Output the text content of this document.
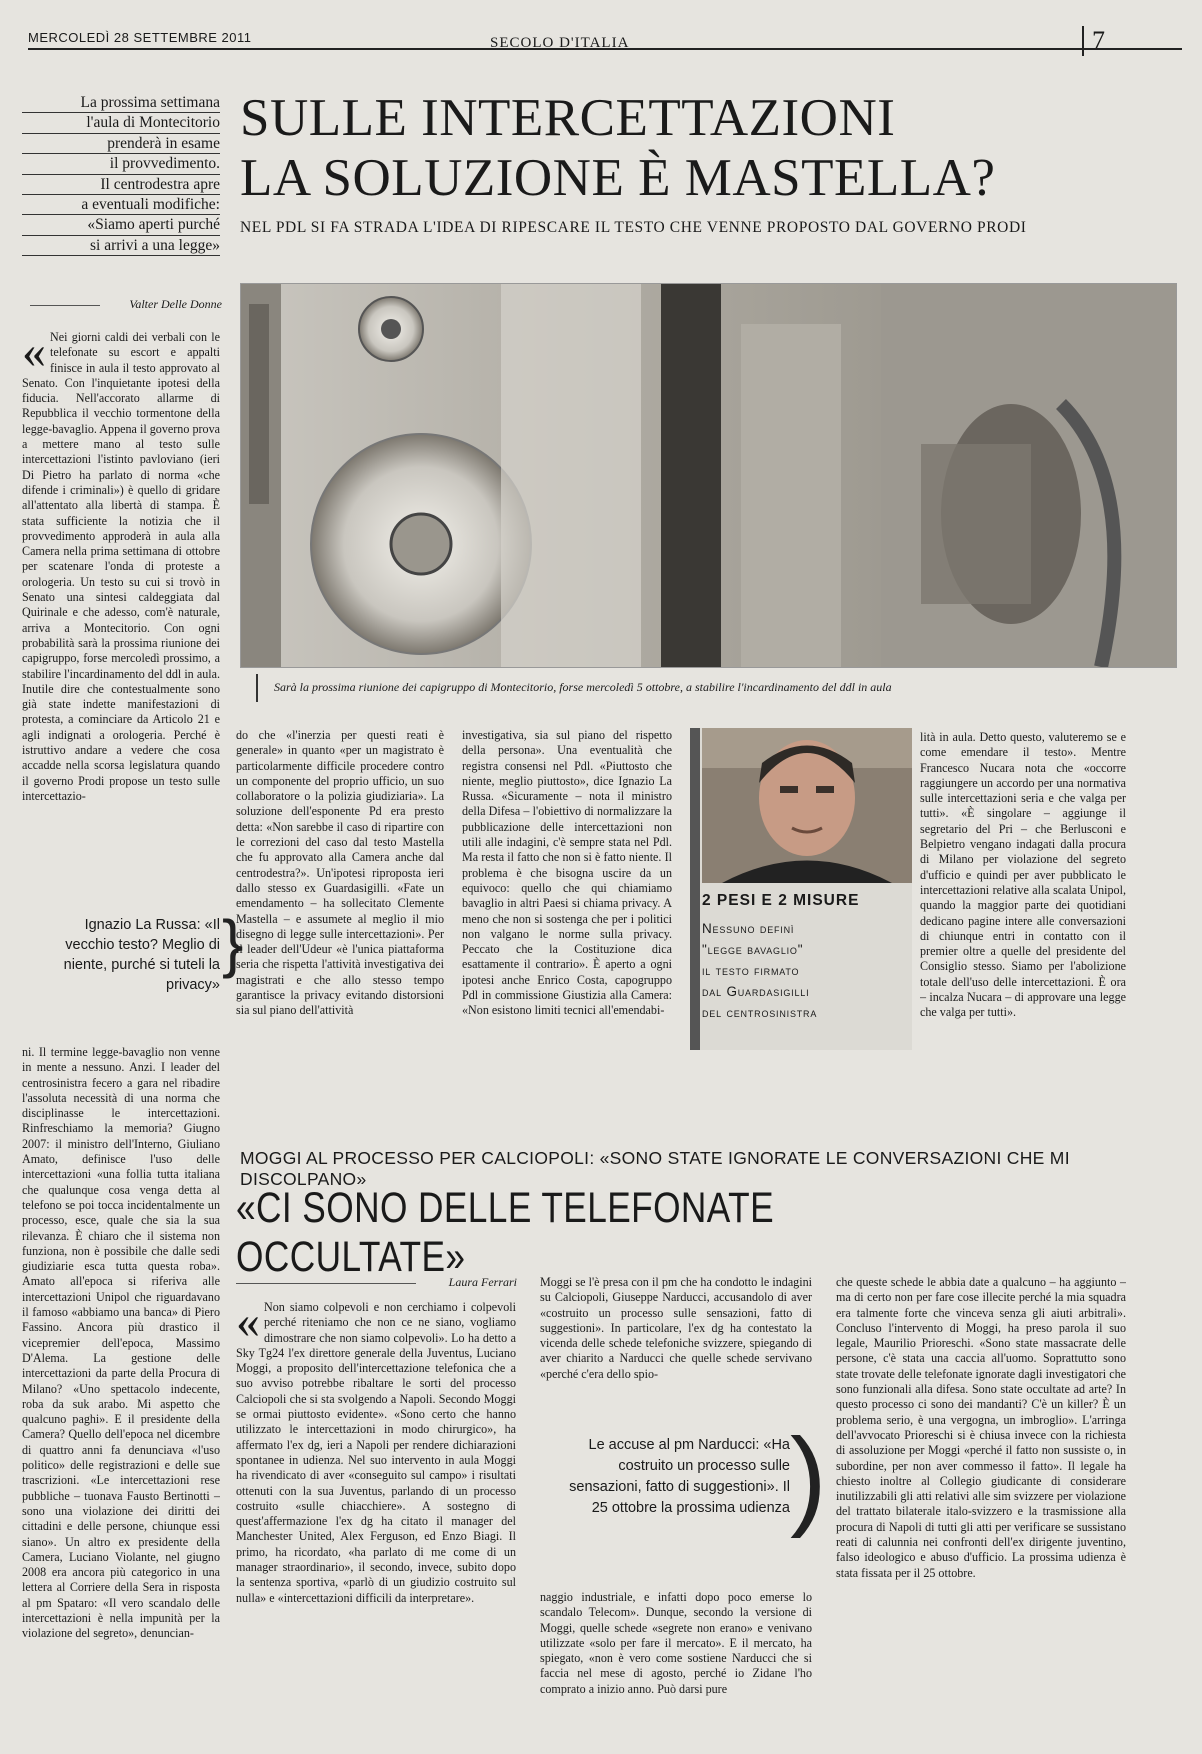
MERCOLEDÌ 28 SETTEMBRE 2011	SECOLO D'ITALIA	7
La prossima settimana
l'aula di Montecitorio
prenderà in esame
il provvedimento.
Il centrodestra apre
a eventuali modifiche:
«Siamo aperti purché
si arrivi a una legge»
SULLE INTERCETTAZIONI
LA SOLUZIONE È MASTELLA?
NEL PDL SI FA STRADA L'IDEA DI RIPESCARE IL TESTO CHE VENNE PROPOSTO DAL GOVERNO PRODI
Valter Delle Donne
Sarà la prossima riunione dei capigruppo di Montecitorio, forse mercoledì 5 ottobre, a stabilire l'incardinamento del ddl in aula
« Nei giorni caldi dei verbali con le telefonate su escort e appalti finisce in aula il testo approvato al Senato. Con l'inquietante ipotesi della fiducia. Nell'accorato allarme di Repubblica il vecchio tormentone della legge-bavaglio. Appena il governo prova a mettere mano al testo sulle intercettazioni l'istinto pavloviano (ieri Di Pietro ha parlato di norma «che difende i criminali») è quello di gridare all'attentato alla libertà di stampa. È stata sufficiente la notizia che il provvedimento approderà in aula alla Camera nella prima settimana di ottobre per scatenare l'onda di proteste a orologeria. Un testo su cui si trovò in Senato una sintesi caldeggiata dal Quirinale e che adesso, com'è naturale, arriva a Montecitorio. Con ogni probabilità sarà la prossima riunione dei capigruppo, forse mercoledì prossimo, a stabilire l'incardinamento del ddl in aula. Inutile dire che contestualmente sono già state indette manifestazioni di protesta, a cominciare da Articolo 21 e agli indignati a orologeria. Perché è istruttivo andare a vedere che cosa accadde nella scorsa legislatura quando il governo Prodi propose un testo sulle intercettazio-
Ignazio La Russa: «Il vecchio testo? Meglio di niente, purché si tuteli la privacy»
}
ni. Il termine legge-bavaglio non venne in mente a nessuno. Anzi. I leader del centrosinistra fecero a gara nel ribadire l'assoluta necessità di una norma che disciplinasse le intercettazioni. Rinfreschiamo la memoria? Giugno 2007: il ministro dell'Interno, Giuliano Amato, definisce l'uso delle intercettazioni «una follia tutta italiana che qualunque cosa venga detta al telefono se poi tocca incidentalmente un processo, esce, quale che sia la sua rilevanza. È chiaro che il sistema non funziona, non è possibile che dalle sedi giudiziarie esca tutta questa roba». Amato all'epoca si riferiva alle intercettazioni Unipol che riguardavano il famoso «abbiamo una banca» di Piero Fassino. Ancora più drastico il vicepremier dell'epoca, Massimo D'Alema. La gestione delle intercettazioni da parte della Procura di Milano? «Uno spettacolo indecente, roba da suk arabo. Mi aspetto che qualcuno paghi». E il presidente della Camera? Quello dell'epoca nel dicembre di quattro anni fa denunciava «l'uso politico» delle registrazioni e delle sue trascrizioni. «Le intercettazioni rese pubbliche – tuonava Fausto Bertinotti – sono una violazione dei diritti dei cittadini e delle persone, chiunque essi siano». Un altro ex presidente della Camera, Luciano Violante, nel giugno 2008 era ancora più categorico in una lettera al Corriere della Sera in risposta al pm Spataro: «Il vero scandalo delle intercettazioni è nella impunità per la violazione del segreto», denuncian-
do che «l'inerzia per questi reati è generale» in quanto «per un magistrato è particolarmente difficile procedere contro un componente del proprio ufficio, un suo collaboratore o la polizia giudiziaria». La soluzione dell'esponente Pd era presto detta: «Non sarebbe il caso di ripartire con le correzioni del caso dal testo Mastella che fu approvato alla Camera anche dal centrodestra?». Un'ipotesi riproposta ieri dallo stesso ex Guardasigilli. «Fate un emendamento – ha sollecitato Clemente Mastella – e assumete al meglio il mio disegno di legge sulle intercettazioni». Per il leader dell'Udeur «è l'unica piattaforma seria che rispetta l'attività investigativa dei magistrati e che allo stesso tempo garantisce la privacy evitando distorsioni sia sul piano dell'attività
investigativa, sia sul piano del rispetto della persona». Una eventualità che registra consensi nel Pdl. «Piuttosto che niente, meglio piuttosto», dice Ignazio La Russa. «Sicuramente – nota il ministro della Difesa – l'obiettivo di normalizzare la pubblicazione delle intercettazioni non utili alle indagini, c'è sempre stata nel Pdl. Ma resta il fatto che non si è fatto niente. Il problema è che bisogna uscire da un equivoco: quello che qui chiamiamo bavaglio in altri Paesi si chiama privacy. A meno che non si sostenga che per i politici non valgano le norme sulla privacy. Peccato che la Costituzione dica esattamente il contrario». È aperto a ogni ipotesi anche Enrico Costa, capogruppo Pdl in commissione Giustizia alla Camera: «Non esistono limiti tecnici all'emendabi-
2 PESI E 2 MISURE
Nessuno definì
"legge bavaglio"
il testo firmato
dal Guardasigilli
del centrosinistra
lità in aula. Detto questo, valuteremo se e come emendare il testo». Mentre Francesco Nucara nota che «occorre raggiungere un accordo per una normativa sulle intercettazioni seria e che valga per tutti». «È singolare – aggiunge il segretario del Pri – che Berlusconi e Belpietro vengano indagati dalla procura di Milano per violazione del segreto d'ufficio e quindi per aver pubblicato le intercettazioni relative alla scalata Unipol, quando la maggior parte dei quotidiani dedicano pagine intere alle conversazioni di chiunque entri in contatto con il premier oltre a quelle del presidente del Consiglio stesso. Siamo per l'abolizione totale dell'uso delle intercettazioni. È ora – incalza Nucara – di approvare una legge che valga per tutti».
MOGGI AL PROCESSO PER CALCIOPOLI: «SONO STATE IGNORATE LE CONVERSAZIONI CHE MI DISCOLPANO»
«CI SONO DELLE TELEFONATE OCCULTATE»
Laura Ferrari
« Non siamo colpevoli e non cerchiamo i colpevoli perché riteniamo che non ce ne siano, vogliamo dimostrare che non siamo colpevoli». Lo ha detto a Sky Tg24 l'ex direttore generale della Juventus, Luciano Moggi, a proposito dell'intercettazione telefonica che a suo avviso potrebbe ribaltare le sorti del processo Calciopoli che si sta svolgendo a Napoli. Secondo Moggi se ormai piuttosto evidente». «Sono certo che hanno utilizzato le intercettazioni in modo chirurgico», ha affermato l'ex dg, ieri a Napoli per rendere dichiarazioni spontanee in udienza. Nel suo intervento in aula Moggi ha rivendicato di aver «conseguito sul campo» i risultati ottenuti con la sua Juventus, parlando di un processo costruito «sulle chiacchiere». A sostegno di quest'affermazione l'ex dg ha citato il manager del Manchester United, Alex Ferguson, ed Enzo Biagi. Il primo, ha ricordato, «ha parlato di me come di un manager straordinario», il secondo, invece, subito dopo la sentenza sportiva, «parlò di un giudizio costruito sul nulla» e «intercettazioni difficili da interpretare».
Moggi se l'è presa con il pm che ha condotto le indagini su Calciopoli, Giuseppe Narducci, accusandolo di aver «costruito un processo sulle sensazioni, fatto di suggestioni». In particolare, l'ex dg ha contestato la vicenda delle schede telefoniche svizzere, spiegando di aver chiarito a Narducci che quelle schede servivano «perché c'era dello spio-
Le accuse al pm Narducci: «Ha costruito un processo sulle sensazioni, fatto di suggestioni». Il 25 ottobre la prossima udienza )
naggio industriale, e infatti dopo poco emerse lo scandalo Telecom». Dunque, secondo la versione di Moggi, quelle schede «segrete non erano» e venivano utilizzate «solo per fare il mercato». E il mercato, ha spiegato, «non è vero come sostiene Narducci che si faccia nel mese di agosto, perché io Zidane l'ho comprato a inizio anno. Può darsi pure
che queste schede le abbia date a qualcuno – ha aggiunto – ma di certo non per fare cose illecite perché la mia squadra era talmente forte che vinceva senza gli aiuti arbitrali». Concluso l'intervento di Moggi, ha preso parola il suo legale, Maurilio Prioreschi. «Sono state massacrate delle persone, c'è stata una caccia all'uomo. Soprattutto sono state trovate delle telefonate ignorate dagli investigatori che sono funzionali alla difesa. Sono state occultate ad arte? In questo processo ci sono dei mandanti? C'è un killer? È un problema serio, è una vergogna, un imbroglio». L'arringa dell'avvocato Prioreschi si è chiusa invece con la richiesta di assoluzione per Moggi «perché il fatto non sussiste o, in subordine, per non aver commesso il fatto». Il legale ha chiesto inoltre al Collegio giudicante di considerare inutilizzabili gli atti relativi alle sim svizzere per violazione del trattato bilaterale italo-svizzero e la trasmissione alla procura di Napoli di tutti gli atti per verificare se sussistano reati di calunnia nei confronti dell'ex dirigente juventino, falso ideologico e abuso d'ufficio. La prossima udienza è stata fissata per il 25 ottobre.
